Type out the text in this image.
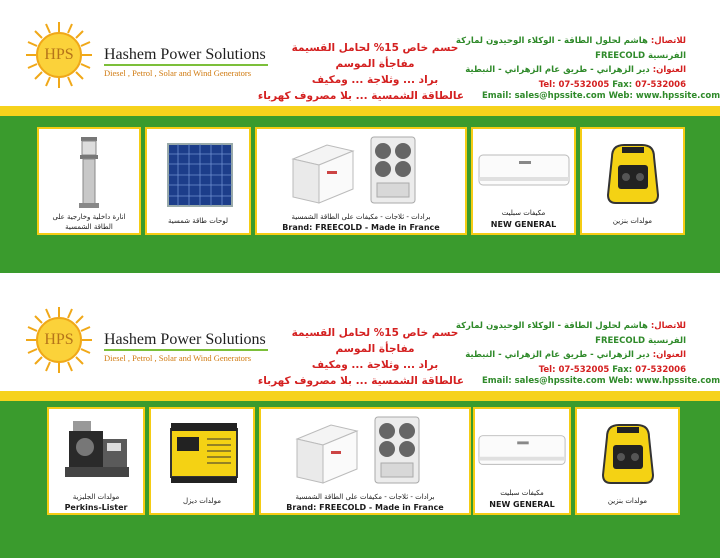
HPS	Hashem Power Solutions
Diesel , Petrol , Solar and Wind Generators
حسم خاص 15% لحامل القسيمة
مفاجأة الموسم
براد ... وثلاجة ... ومكيف
عالطاقة الشمسية ... بلا مصروف كهرباء
للاتصال: هاشم لحلول الطاقة - الوكلاء الوحيدون لماركة
الفرنسية FREECOLD
العنوان: دير الزهراني - طريق عام الزهراني - النبطية
Tel: 07-532005 Fax: 07-532006
Email: sales@hpssite.com Web: www.hpssite.com
انارة داخلية وخارجية على
الطاقة الشمسية
لوحات طاقة شمسية	برادات - ثلاجات - مكيفات على الطاقة الشمسية
Brand: FREECOLD - Made in France
مكيفات سبليت
NEW GENERAL	مولدات بنزين
HPS	Hashem Power Solutions
Diesel , Petrol , Solar and Wind Generators
حسم خاص 15% لحامل القسيمة
مفاجأة الموسم
براد ... وثلاجة ... ومكيف
عالطاقة الشمسية ... بلا مصروف كهرباء
للاتصال: هاشم لحلول الطاقة - الوكلاء الوحيدون لماركة
الفرنسية FREECOLD
العنوان: دير الزهراني - طريق عام الزهراني - النبطية
Tel: 07-532005 Fax: 07-532006
Email: sales@hpssite.com Web: www.hpssite.com
مولدات الجلبزية
Perkins-Lister
مولدات ديزل	برادات - ثلاجات - مكيفات على الطاقة الشمسية
Brand: FREECOLD - Made in France
مكيفات سبليت
NEW GENERAL	مولدات بنزين
